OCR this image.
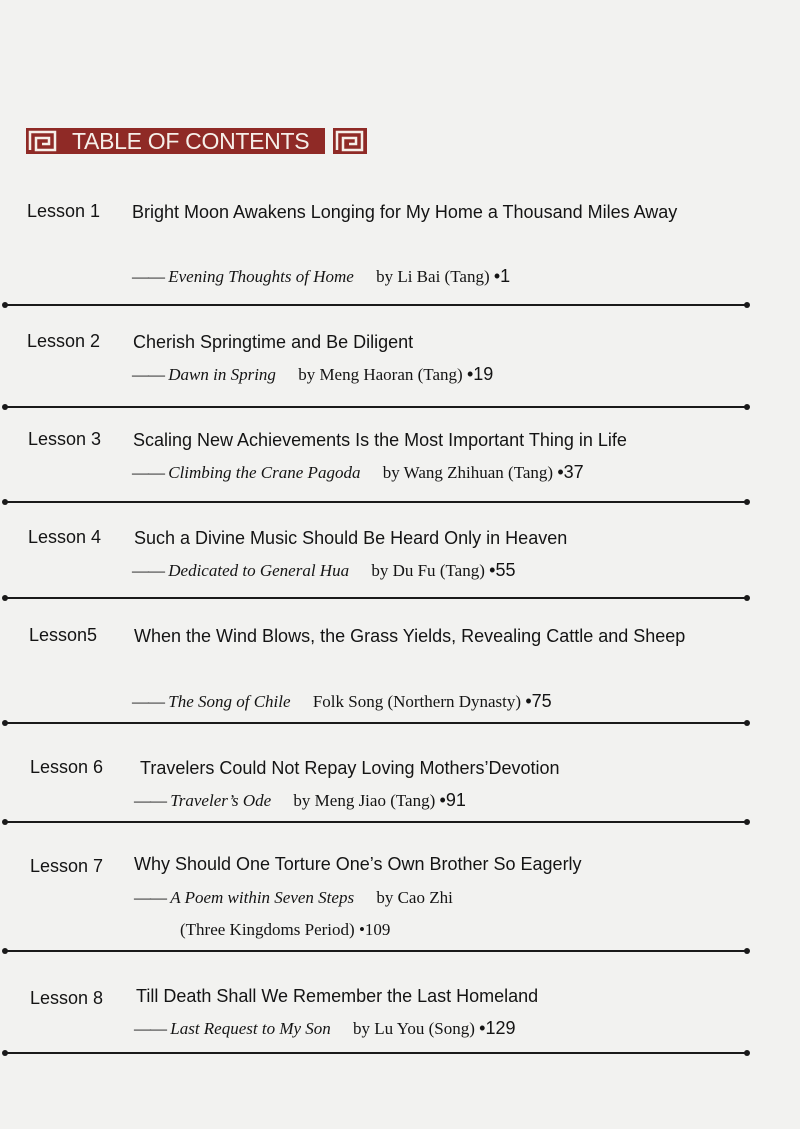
TABLE OF CONTENTS
Lesson 1 Bright Moon Awakens Longing for My Home a Thousand Miles Away
—— Evening Thoughts of Home by Li Bai (Tang) •1
Lesson 2 Cherish Springtime and Be Diligent
—— Dawn in Spring by Meng Haoran (Tang) •19
Lesson 3 Scaling New Achievements Is the Most Important Thing in Life
—— Climbing the Crane Pagoda by Wang Zhihuan (Tang) •37
Lesson 4 Such a Divine Music Should Be Heard Only in Heaven
—— Dedicated to General Hua by Du Fu (Tang) •55
Lesson5 When the Wind Blows, the Grass Yields, Revealing Cattle and Sheep
—— The Song of Chile Folk Song (Northern Dynasty) •75
Lesson 6 Travelers Could Not Repay Loving Mothers’Devotion
—— Traveler’s Ode by Meng Jiao (Tang) •91
Lesson 7 Why Should One Torture One’s Own Brother So Eagerly
—— A Poem within Seven Steps by Cao Zhi
(Three Kingdoms Period) •109
Lesson 8 Till Death Shall We Remember the Last Homeland
—— Last Request to My Son by Lu You (Song) •129
